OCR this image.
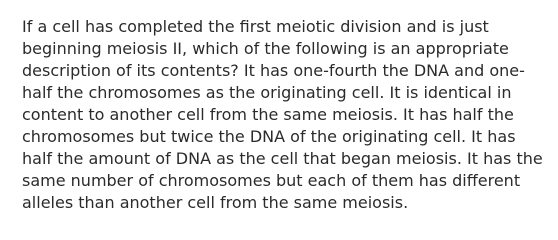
If a cell has completed the first meiotic division and is just
beginning meiosis II, which of the following is an appropriate
description of its contents? It has one-fourth the DNA and one-
half the chromosomes as the originating cell. It is identical in
content to another cell from the same meiosis. It has half the
chromosomes but twice the DNA of the originating cell. It has
half the amount of DNA as the cell that began meiosis. It has the
same number of chromosomes but each of them has different
alleles than another cell from the same meiosis.
